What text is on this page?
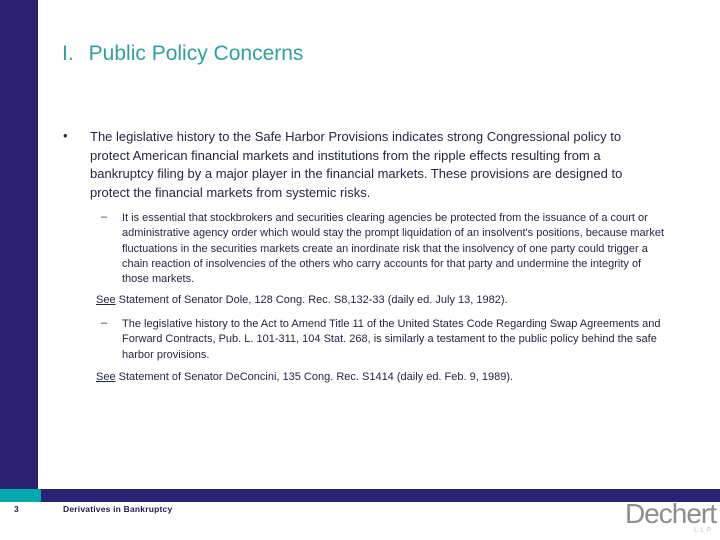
I. Public Policy Concerns
• The legislative history to the Safe Harbor Provisions indicates strong Congressional policy to protect American financial markets and institutions from the ripple effects resulting from a bankruptcy filing by a major player in the financial markets. These provisions are designed to protect the financial markets from systemic risks.
– It is essential that stockbrokers and securities clearing agencies be protected from the issuance of a court or administrative agency order which would stay the prompt liquidation of an insolvent's positions, because market fluctuations in the securities markets create an inordinate risk that the insolvency of one party could trigger a chain reaction of insolvencies of the others who carry accounts for that party and undermine the integrity of those markets.
See Statement of Senator Dole, 128 Cong. Rec. S8,132-33 (daily ed. July 13, 1982).
– The legislative history to the Act to Amend Title 11 of the United States Code Regarding Swap Agreements and Forward Contracts, Pub. L. 101-311, 104 Stat. 268, is similarly a testament to the public policy behind the safe harbor provisions.
See Statement of Senator DeConcini, 135 Cong. Rec. S1414 (daily ed. Feb. 9, 1989).
3	Derivatives in Bankruptcy	Dechert
LLP
